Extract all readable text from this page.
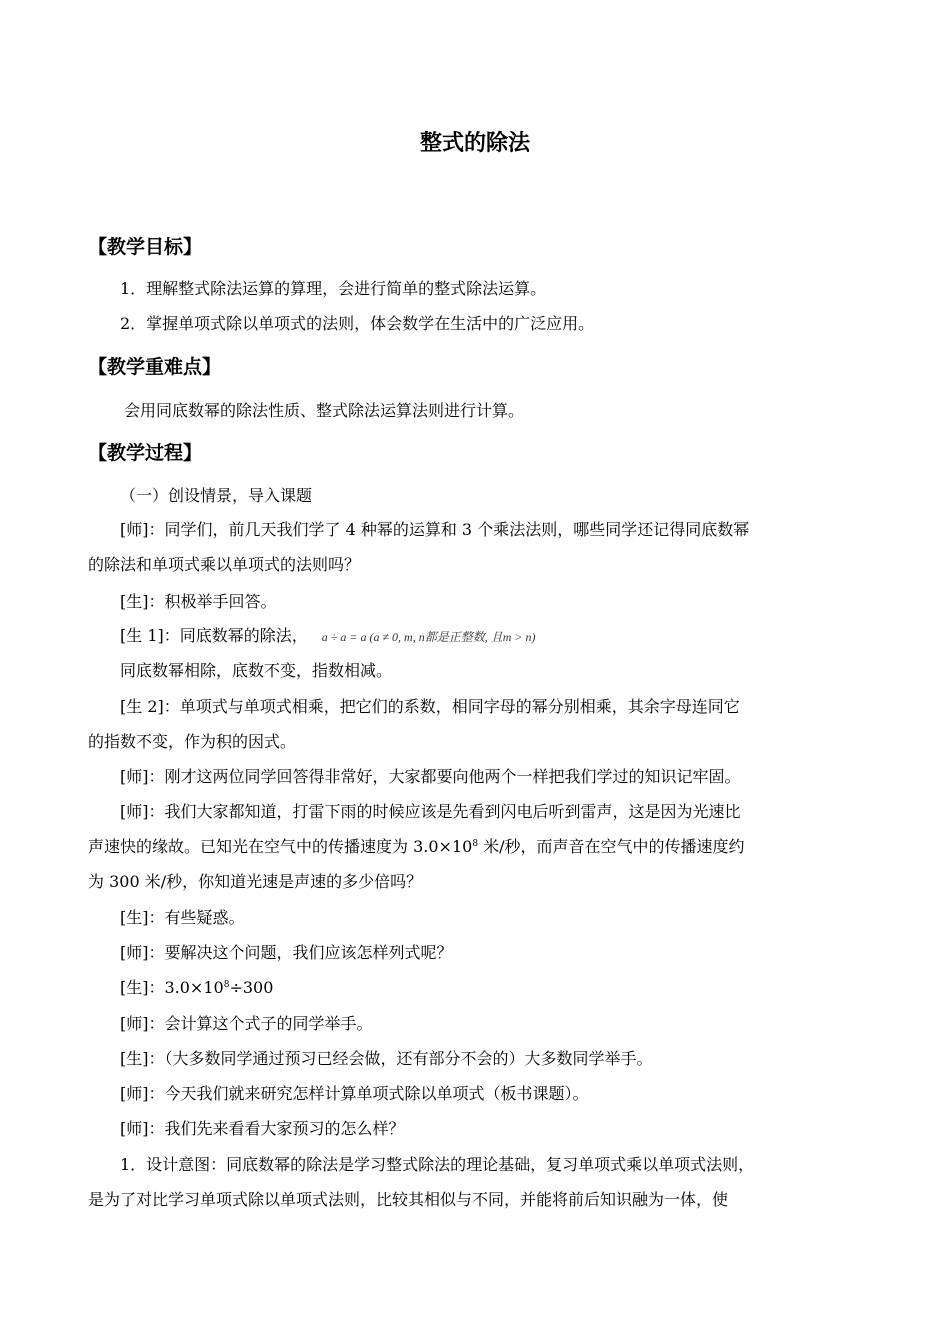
整式的除法
【教学目标】
1．理解整式除法运算的算理，会进行简单的整式除法运算。
2．掌握单项式除以单项式的法则，体会数学在生活中的广泛应用。
【教学重难点】
会用同底数幂的除法性质、整式除法运算法则进行计算。
【教学过程】
（一）创设情景，导入课题
[师]：同学们，前几天我们学了 4 种幂的运算和 3 个乘法法则，哪些同学还记得同底数幂
的除法和单项式乘以单项式的法则吗？
[生]：积极举手回答。
[生 1]：同底数幂的除法， a ÷ a = a (a ≠ 0, m, n都是正整数, 且m > n)
同底数幂相除，底数不变，指数相减。
[生 2]：单项式与单项式相乘，把它们的系数，相同字母的幂分别相乘，其余字母连同它
的指数不变，作为积的因式。
[师]：刚才这两位同学回答得非常好，大家都要向他两个一样把我们学过的知识记牢固。
[师]：我们大家都知道，打雷下雨的时候应该是先看到闪电后听到雷声，这是因为光速比
声速快的缘故。已知光在空气中的传播速度为 $3.0\times 10^8$ 米/秒，而声音在空气中的传播速度约
为 300 米/秒，你知道光速是声速的多少倍吗？
[生]：有些疑惑。
[师]：要解决这个问题，我们应该怎样列式呢？
[生]：$3.0\times 10^8\div 300$
[师]：会计算这个式子的同学举手。
[生]：（大多数同学通过预习已经会做，还有部分不会的）大多数同学举手。
[师]：今天我们就来研究怎样计算单项式除以单项式（板书课题）。
[师]：我们先来看看大家预习的怎么样？
1．设计意图：同底数幂的除法是学习整式除法的理论基础，复习单项式乘以单项式法则，
是为了对比学习单项式除以单项式法则，比较其相似与不同，并能将前后知识融为一体，使
